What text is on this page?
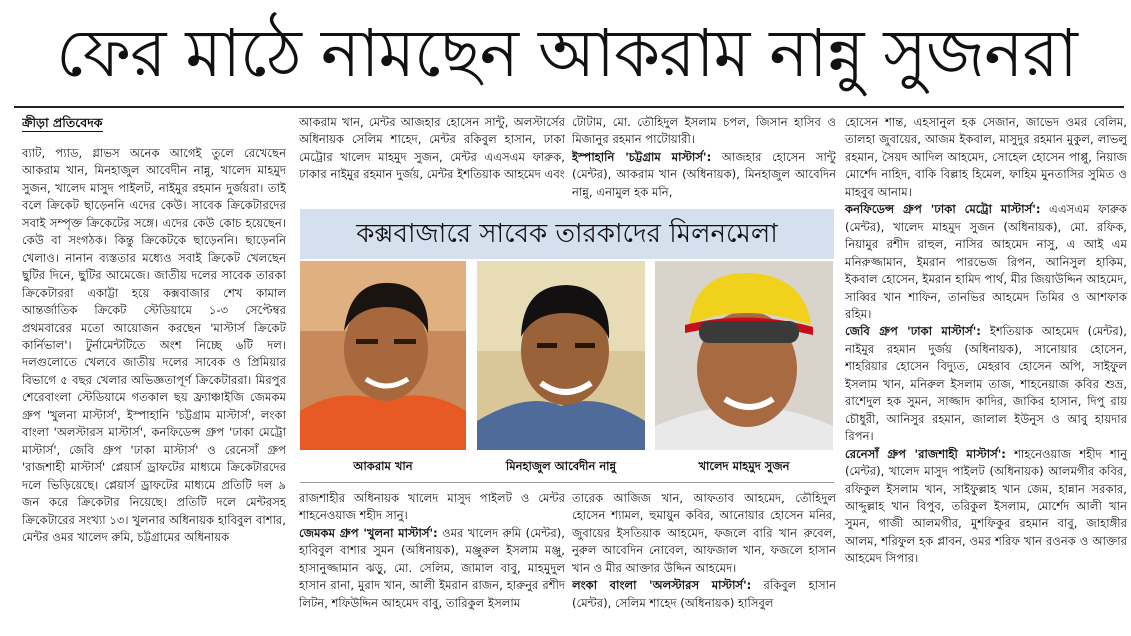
ফের মাঠে নামছেন আকরাম নান্নু সুজনরা
ক্রীড়া প্রতিবেদক

ব্যাট, প্যাড, গ্লাভস অনেক আগেই তুলে রেখেছেন আকরাম খান, মিনহাজুল আবেদীন নান্নু, খালেদ মাহমুদ সুজন, খালেদ মাসুদ পাইলট, নাইমুর রহমান দুর্জয়রা। তাই বলে ক্রিকেট ছাড়েননি এদের কেউ। সাবেক ক্রিকেটারদের সবাই সম্পৃক্ত ক্রিকেটের সঙ্গে। এদের কেউ কোচ হয়েছেন। কেউ বা সংগঠক। কিন্তু ক্রিকেটকে ছাড়েননি। ছাড়েননি খেলাও। নানান ব্যস্ততার মধ্যেও সবাই ক্রিকেট খেলছেন ছুটির দিনে, ছুটির আমেজে। জাতীয় দলের সাবেক তারকা ক্রিকেটাররা একাট্টা হয়ে কক্সবাজার শেখ কামাল আন্তর্জাতিক ক্রিকেট স্টেডিয়ামে ১-৩ সেপ্টেম্বর প্রথমবারের মতো আয়োজন করছেন 'মাস্টার্স ক্রিকেট কার্নিভাল'। টুর্নামেন্টটিতে অংশ নিচ্ছে ৬টি দল। দলগুলোতে খেলবে জাতীয় দলের সাবেক ও প্রিমিয়ার বিভাগে ৫ বছর খেলার অভিজ্ঞতাপূর্ণ ক্রিকেটাররা। মিরপুর শেরেবাংলা স্টেডিয়ামে গতকাল ছয় ফ্র্যাঞ্চাইজি জেমকম গ্রুপ 'খুলনা মাস্টার্স', ইস্পাহানি 'চট্টগ্রাম মাস্টার্স', লংকা বাংলা 'অলস্টারস মাস্টার্স', কনফিডেন্স গ্রুপ 'ঢাকা মেট্রো মাস্টার্স', জেবি গ্রুপ 'ঢাকা মাস্টার্স' ও রেনেসাঁ গ্রুপ 'রাজশাহী মাস্টার্স' প্লেয়ার্স ড্রাফটের মাধ্যমে ক্রিকেটারদের দলে ভিড়িয়েছে। প্লেয়ার্স ড্রাফটের মাধ্যমে প্রতিটি দল ৯ জন করে ক্রিকেটার নিয়েছে। প্রতিটি দলে মেন্টরসহ ক্রিকেটারের সংখ্যা ১৩। খুলনার অধিনায়ক হাবিবুল বাশার, মেন্টর ওমর খালেদ রুমি, চট্টগ্রামের অধিনায়ক

আকরাম খান, মেন্টর আজহার হোসেন সান্টু, অলস্টার্সের অধিনায়ক সেলিম শাহেদ, মেন্টর রকিবুল হাসান, ঢাকা মেট্রোর খালেদ মাহমুদ সুজন, মেন্টর এএসএম ফারুক, ঢাকার নাইমুর রহমান দুর্জয়, মেন্টর ইশতিয়াক আহমেদ এবং

টোটাম, মো. তৌহিদুল ইসলাম চপল, জিসান হাসিব ও মিজানুর রহমান পাটোয়ারী।

ইস্পাহানি 'চট্টগ্রাম মাস্টার্স': আজহার হোসেন সান্টু (মেন্টর), আকরাম খান (অধিনায়ক), মিনহাজুল আবেদিন নান্নু, এনামুল হক মনি,

কক্সবাজারে সাবেক তারকাদের মিলনমেলা
আকরাম খান	মিনহাজুল আবেদীন নান্নু	খালেদ মাহমুদ সুজন

রাজশাহীর অধিনায়ক খালেদ মাসুদ পাইলট ও মেন্টর শাহনেওয়াজ শহীদ সানু।

জেমকম গ্রুপ 'খুলনা মাস্টার্স': ওমর খালেদ রুমি (মেন্টর), হাবিবুল বাশার সুমন (অধিনায়ক), মঞ্জুরুল ইসলাম মঞ্জু, হাসানুজ্জামান ঝড়ু, মো. সেলিম, জামাল বাবু, মাহমুদুল হাসান রানা, মুরাদ খান, আলী ইমরান রাজন, হারুনুর রশীদ লিটন, শফিউদ্দিন আহমেদ বাবু, তারিকুল ইসলাম

তারেক আজিজ খান, আফতাব আহমেদ, তৌহিদুল হোসেন শ্যামল, হুমায়ুন কবির, আনোয়ার হোসেন মনির, জুবায়ের ইসতিয়াক আহমেদ, ফজলে বারি খান রুবেল, নুরুল আবেদিন নোবেল, আফজাল খান, ফজলে হাসান খান ও মীর আক্তার উদ্দিন আহমেদ।

লংকা বাংলা 'অলস্টারস মাস্টার্স': রকিবুল হাসান (মেন্টর), সেলিম শাহেদ (অধিনায়ক) হাসিবুল

হোসেন শান্ত, এহসানুল হক সেজান, জাভেদ ওমর বেলিম, তালহা জুবায়ের, আজম ইকবাল, মাসুদুর রহমান মুকুল, লাভলু রহমান, সৈয়দ আদিল আহমেদ, সোহেল হোসেন পাপ্পু, নিয়াজ মোর্শেদ নাহিদ, বাকি বিল্লাহ হিমেল, ফাহিম মুনতাসির সুমিত ও মাহবুব আনাম।

কনফিডেন্স গ্রুপ 'ঢাকা মেট্রো মাস্টার্স': এএসএম ফারুক (মেন্টর), খালেদ মাহমুদ সুজন (অধিনায়ক), মো. রফিক, নিয়ামুর রশীদ রাহুল, নাসির আহমেদ নাসু, এ আই এম মনিরুজ্জামান, ইমরান পারভেজ রিপন, আনিসুল হাকিম, ইকবাল হোসেন, ইমরান হামিদ পার্থ, মীর জিয়াউদ্দিন আহমেদ, সাব্বির খান শাফিন, তানভির আহমেদ তিমির ও আশফাক রহিম।

জেবি গ্রুপ 'ঢাকা মাস্টার্স': ইশতিয়াক আহমেদ (মেন্টর), নাইমুর রহমান দুর্জয় (অধিনায়ক), সানোয়ার হোসেন, শাহরিয়ার হোসেন বিদ্যুত, মেহরাব হোসেন অপি, সাইফুল ইসলাম খান, মনিরুল ইসলাম তাজ, শাহনেয়াজ কবির শুভ্র, রাশেদুল হক সুমন, সাজ্জাদ কাদির, জাকির হাসান, দিপু রায় চৌধুরী, আনিসুর রহমান, জালাল ইউনুস ও আবু হায়দার রিপন।

রেনেসাঁ গ্রুপ 'রাজশাহী মাস্টার্স': শাহনেওয়াজ শহীদ শানু (মেন্টর), খালেদ মাসুদ পাইলট (অধিনায়ক) আলমগীর কবির, রফিকুল ইসলাম খান, সাইফুল্লাহ খান জেম, হান্নান সরকার, আব্দুল্লাহ খান বিপুব, তরিকুল ইসলাম, মোর্শেদ আলী খান সুমন, গাজী আলমগীর, মুশফিকুর রহমান বাবু, জাহাঙ্গীর আলম, শরিফুল হক প্লাবন, ওমর শরিফ খান রওনক ও আক্তার আহমেদ সিপার।
